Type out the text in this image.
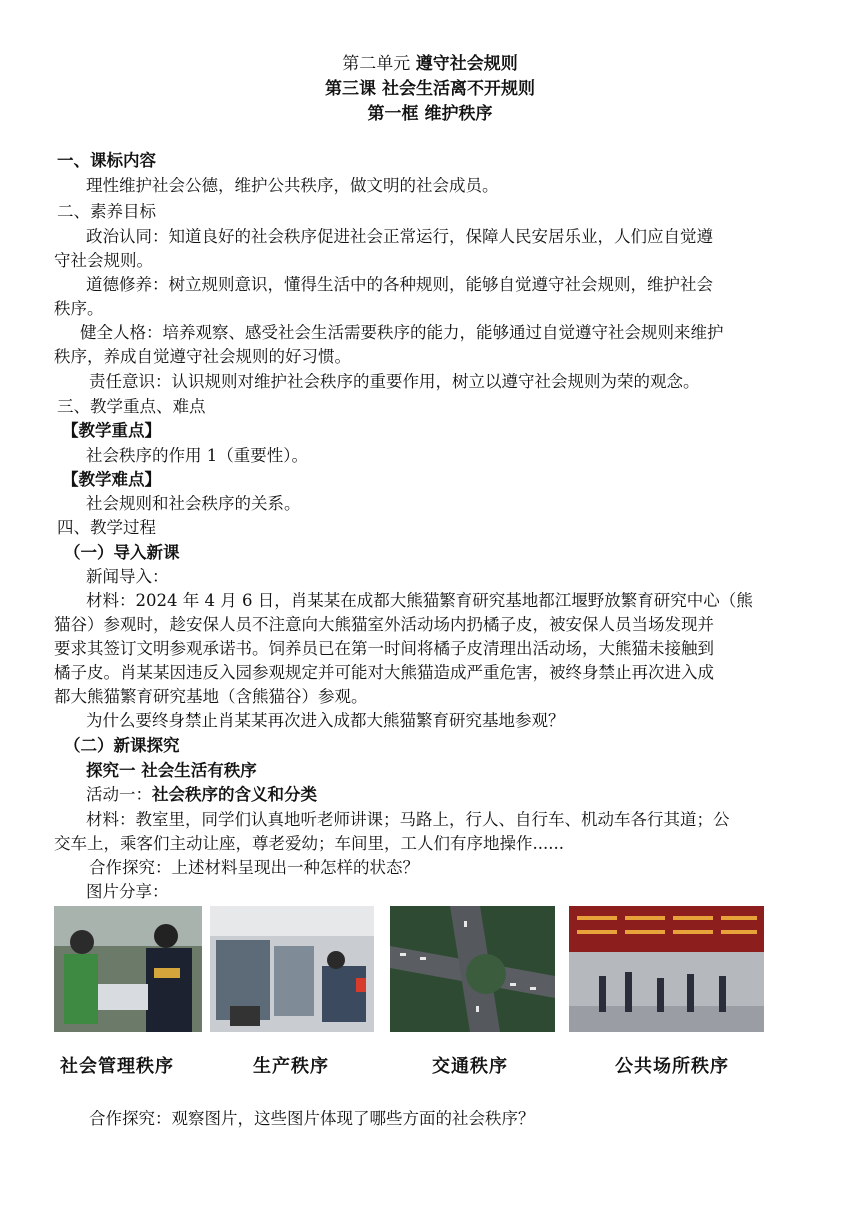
第二单元 遵守社会规则
第三课 社会生活离不开规则
第一框 维护秩序
一、课标内容
理性维护社会公德，维护公共秩序，做文明的社会成员。
二、素养目标
政治认同：知道良好的社会秩序促进社会正常运行，保障人民安居乐业，人们应自觉遵
守社会规则。
道德修养：树立规则意识，懂得生活中的各种规则，能够自觉遵守社会规则，维护社会
秩序。
健全人格：培养观察、感受社会生活需要秩序的能力，能够通过自觉遵守社会规则来维护
秩序，养成自觉遵守社会规则的好习惯。
责任意识：认识规则对维护社会秩序的重要作用，树立以遵守社会规则为荣的观念。
三、教学重点、难点
【教学重点】
社会秩序的作用 1（重要性）。
【教学难点】
社会规则和社会秩序的关系。
四、教学过程
（一）导入新课
新闻导入：
材料：2024 年 4 月 6 日，肖某某在成都大熊猫繁育研究基地都江堰野放繁育研究中心（熊
猫谷）参观时，趁安保人员不注意向大熊猫室外活动场内扔橘子皮，被安保人员当场发现并
要求其签订文明参观承诺书。饲养员已在第一时间将橘子皮清理出活动场，大熊猫未接触到
橘子皮。肖某某因违反入园参观规定并可能对大熊猫造成严重危害，被终身禁止再次进入成
都大熊猫繁育研究基地（含熊猫谷）参观。
为什么要终身禁止肖某某再次进入成都大熊猫繁育研究基地参观？
（二）新课探究
探究一 社会生活有秩序
活动一：社会秩序的含义和分类
材料：教室里，同学们认真地听老师讲课；马路上，行人、自行车、机动车各行其道；公
交车上，乘客们主动让座，尊老爱幼；车间里，工人们有序地操作......
合作探究：上述材料呈现出一种怎样的状态？
图片分享：
社会管理秩序	生产秩序	交通秩序	公共场所秩序
合作探究：观察图片，这些图片体现了哪些方面的社会秩序？
